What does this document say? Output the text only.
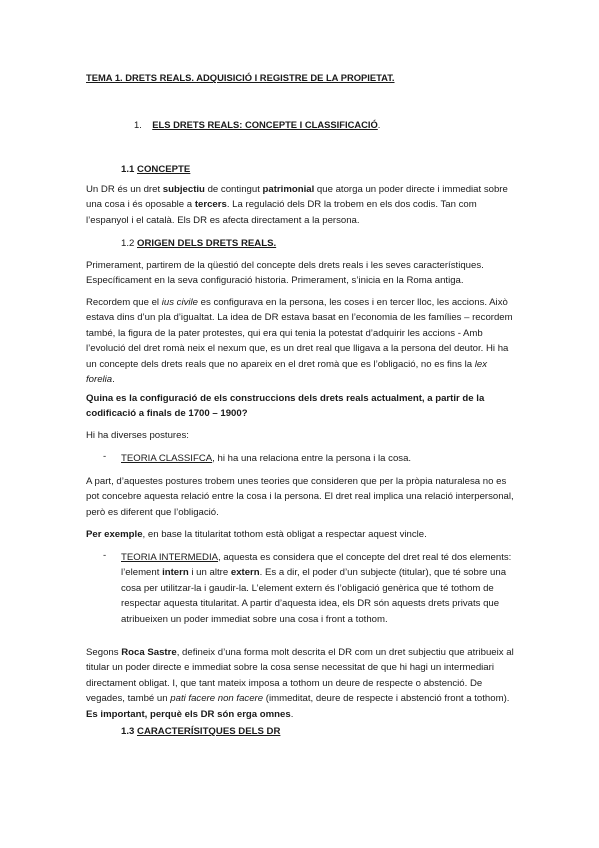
TEMA 1. DRETS REALS. ADQUISICIÓ I REGISTRE DE LA PROPIETAT.

1. ELS DRETS REALS: CONCEPTE I CLASSIFICACIÓ.
1.1 CONCEPTE

Un DR és un dret subjectiu de contingut patrimonial que atorga un poder directe i immediat sobre una cosa i és oposable a tercers. La regulació dels DR la trobem en els dos codis. Tan com l’espanyol i el català. Els DR es afecta directament a la persona.

1.2 ORIGEN DELS DRETS REALS.

Primerament, partirem de la qüestió del concepte dels drets reals i les seves característiques. Específicament en la seva configuració historia. Primerament, s’inicia en la Roma antiga.

Recordem que el ius civile es configurava en la persona, les coses i en tercer lloc, les accions. Això estava dins d’un pla d’igualtat. La idea de DR estava basat en l’economia de les famílies – recordem també, la figura de la pater protestes, qui era qui tenia la potestat d’adquirir les accions - Amb l’evolució del dret romà neix el nexum que, es un dret real que lligava a la persona del deutor. Hi ha un concepte dels drets reals que no apareix en el dret romà que es l’obligació, no es fins la lex forelia.

Quina es la configuració de els construccions dels drets reals actualment, a partir de la codificació a finals de 1700 – 1900?

Hi ha diverses postures:

- TEORIA CLASSIFCA, hi ha una relaciona entre la persona i la cosa.

A part, d’aquestes postures trobem unes teories que consideren que per la pròpia naturalesa no es pot concebre aquesta relació entre la cosa i la persona. El dret real implica una relació interpersonal, però es diferent que l’obligació.

Per exemple, en base la titularitat tothom està obligat a respectar aquest vincle.

- TEORIA INTERMEDIA, aquesta es considera que el concepte del dret real té dos elements: l’element intern i un altre extern. Es a dir, el poder d’un subjecte (titular), que té sobre una cosa per utilitzar-la i gaudir-la. L’element extern és l’obligació genèrica que té tothom de respectar aquesta titularitat. A partir d’aquesta idea, els DR són aquests drets privats que atribueixen un poder immediat sobre una cosa i front a tothom.

Segons Roca Sastre, defineix d’una forma molt descrita el DR com un dret subjectiu que atribueix al titular un poder directe e immediat sobre la cosa sense necessitat de que hi hagi un intermediari directament obligat. I, que tant mateix imposa a tothom un deure de respecte o abstenció. De vegades, també un pati facere non facere (immeditat, deure de respecte i abstenció front a tothom). Es important, perquè els DR són erga omnes.

1.3 CARACTERÍSITQUES DELS DR
